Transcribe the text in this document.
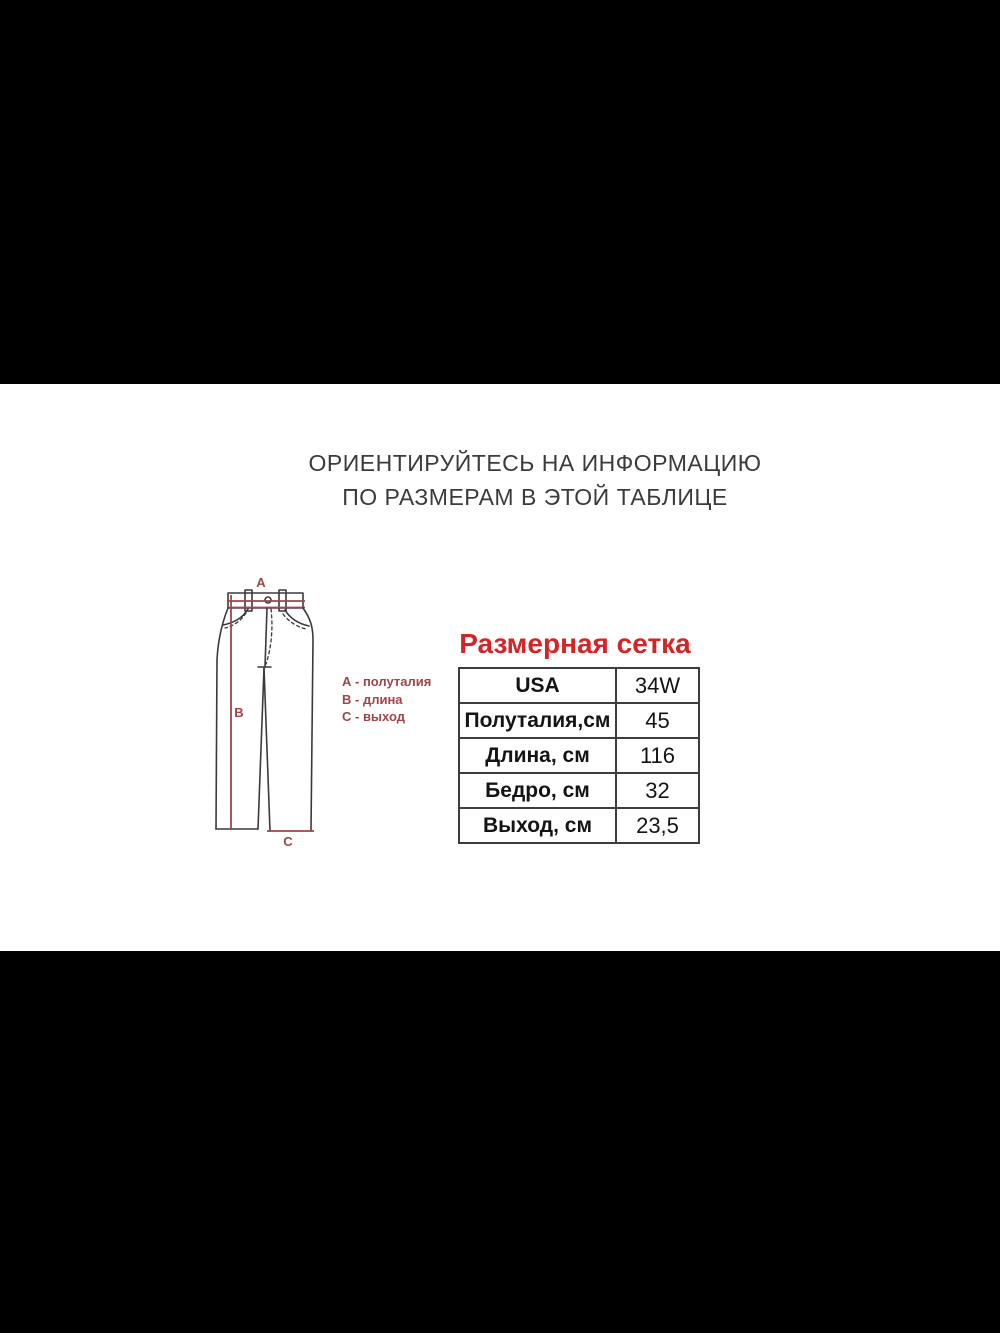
ОРИЕНТИРУЙТЕСЬ НА ИНФОРМАЦИЮ
ПО РАЗМЕРАМ В ЭТОЙ ТАБЛИЦЕ
А
В
С
А - полуталия
В - длина
С - выход
Размерная сетка
USA	34W
Полуталия,см	45
Длина, см	116
Бедро, см	32
Выход, см	23,5
